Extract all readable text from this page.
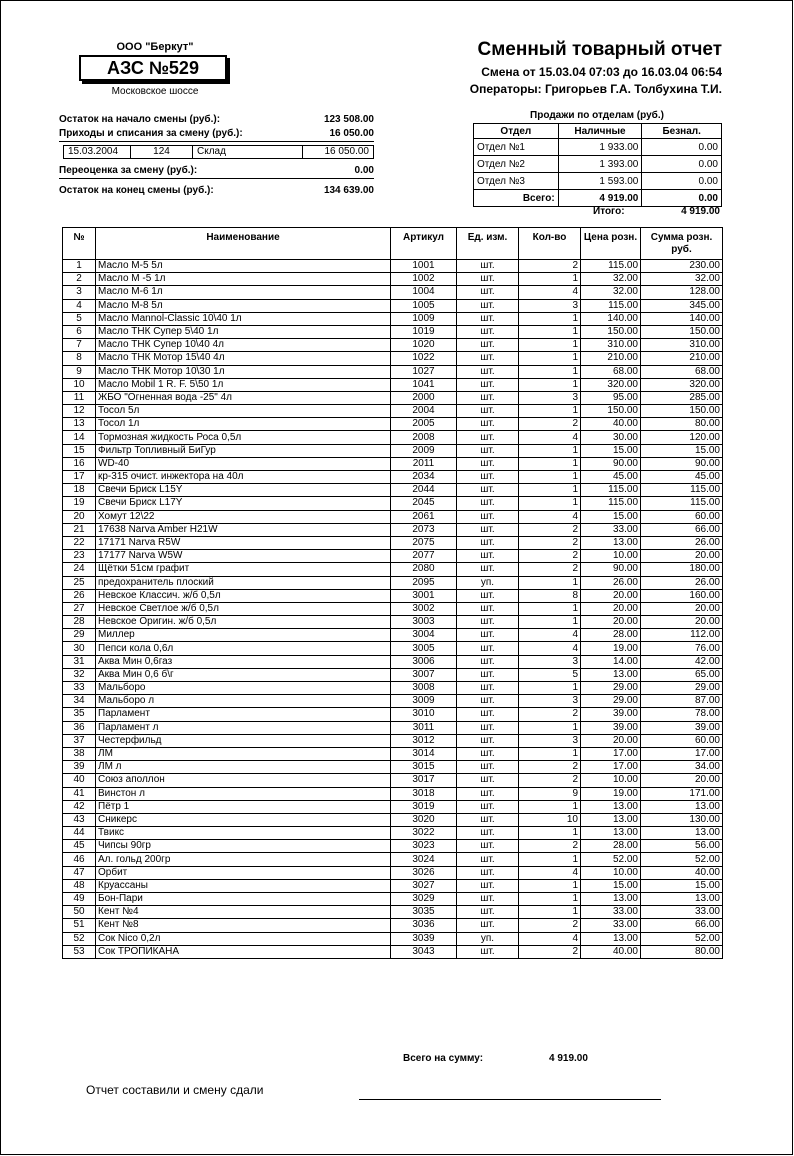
ООО "Беркут"
АЗС №529
Московское шоссе
Сменный товарный отчет
Смена от 15.03.04 07:03 до 16.03.04 06:54
Операторы: Григорьев Г.А. Толбухина Т.И.
Остаток на начало смены (руб.):	123 508.00
Приходы и списания за смену (руб.):	16 050.00
15.03.2004	124	Склад	16 050.00
Переоценка за смену (руб.):	0.00
Остаток на конец смены (руб.):	134 639.00
Продажи по отделам (руб.)
Отдел	Наличные	Безнал.
Отдел №1	1 933.00	0.00
Отдел №2	1 393.00	0.00
Отдел №3	1 593.00	0.00
Всего:	4 919.00	0.00
Итого:	4 919.00
№	Наименование	Артикул	Ед. изм.	Кол-во	Цена розн.	Сумма розн. руб.
1	Масло М-5 5л	1001	шт.	2	115.00	230.00
2	Масло М -5 1л	1002	шт.	1	32.00	32.00
3	Масло М-6 1л	1004	шт.	4	32.00	128.00
4	Масло М-8 5л	1005	шт.	3	115.00	345.00
5	Масло Mannol-Classic 10\40 1л	1009	шт.	1	140.00	140.00
6	Масло ТНК Супер 5\40 1л	1019	шт.	1	150.00	150.00
7	Масло ТНК Супер 10\40 4л	1020	шт.	1	310.00	310.00
8	Масло ТНК Мотор 15\40 4л	1022	шт.	1	210.00	210.00
9	Масло ТНК Мотор 10\30 1л	1027	шт.	1	68.00	68.00
10	Масло Mobil 1 R. F. 5\50 1л	1041	шт.	1	320.00	320.00
11	ЖБО "Огненная вода -25" 4л	2000	шт.	3	95.00	285.00
12	Тосол 5л	2004	шт.	1	150.00	150.00
13	Тосол 1л	2005	шт.	2	40.00	80.00
14	Тормозная жидкость Роса 0,5л	2008	шт.	4	30.00	120.00
15	Фильтр Топливный БиГур	2009	шт.	1	15.00	15.00
16	WD-40	2011	шт.	1	90.00	90.00
17	кр-315 очист. инжектора на 40л	2034	шт.	1	45.00	45.00
18	Свечи Бриск L15Y	2044	шт.	1	115.00	115.00
19	Свечи Бриск L17Y	2045	шт.	1	115.00	115.00
20	Хомут 12\22	2061	шт.	4	15.00	60.00
21	17638 Narva Amber H21W	2073	шт.	2	33.00	66.00
22	17171 Narva R5W	2075	шт.	2	13.00	26.00
23	17177 Narva W5W	2077	шт.	2	10.00	20.00
24	Щётки 51см графит	2080	шт.	2	90.00	180.00
25	предохранитель плоский	2095	уп.	1	26.00	26.00
26	Невское Классич. ж/б 0,5л	3001	шт.	8	20.00	160.00
27	Невское Светлое ж/б 0,5л	3002	шт.	1	20.00	20.00
28	Невское Оригин. ж/б 0,5л	3003	шт.	1	20.00	20.00
29	Миллер	3004	шт.	4	28.00	112.00
30	Пепси кола 0,6л	3005	шт.	4	19.00	76.00
31	Аква Мин 0,6газ	3006	шт.	3	14.00	42.00
32	Аква Мин 0,6 б\г	3007	шт.	5	13.00	65.00
33	Мальборо	3008	шт.	1	29.00	29.00
34	Мальборо л	3009	шт.	3	29.00	87.00
35	Парламент	3010	шт.	2	39.00	78.00
36	Парламент л	3011	шт.	1	39.00	39.00
37	Честерфильд	3012	шт.	3	20.00	60.00
38	ЛМ	3014	шт.	1	17.00	17.00
39	ЛМ л	3015	шт.	2	17.00	34.00
40	Союз аполлон	3017	шт.	2	10.00	20.00
41	Винстон л	3018	шт.	9	19.00	171.00
42	Пётр 1	3019	шт.	1	13.00	13.00
43	Сникерс	3020	шт.	10	13.00	130.00
44	Твикс	3022	шт.	1	13.00	13.00
45	Чипсы 90гр	3023	шт.	2	28.00	56.00
46	Ал. гольд 200гр	3024	шт.	1	52.00	52.00
47	Орбит	3026	шт.	4	10.00	40.00
48	Круассаны	3027	шт.	1	15.00	15.00
49	Бон-Пари	3029	шт.	1	13.00	13.00
50	Кент №4	3035	шт.	1	33.00	33.00
51	Кент №8	3036	шт.	2	33.00	66.00
52	Сок Nico 0,2л	3039	уп.	4	13.00	52.00
53	Сок ТРОПИКАНА	3043	шт.	2	40.00	80.00
Всего на сумму:	4 919.00
Отчет составили и смену сдали
